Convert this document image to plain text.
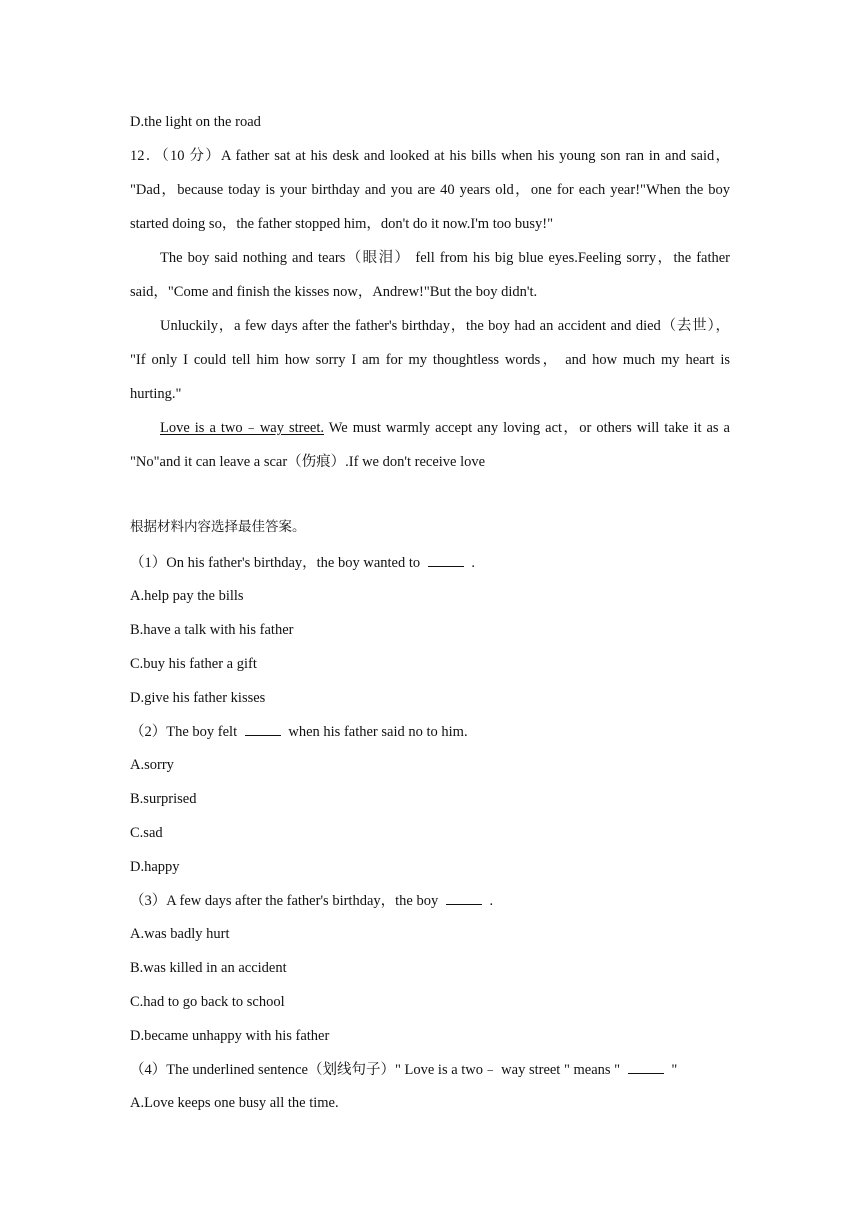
D.the light on the road
12．（10 分）A father sat at his desk and looked at his bills when his young son ran in and said，
"Dad，because today is your birthday and you are 40 years old，one for each year!"When the boy
started doing so，the father stopped him，don't do it now.I'm too busy!"
The boy said nothing and tears（眼泪） fell from his big blue eyes.Feeling sorry，the father
said，"Come and finish the kisses now，Andrew!"But the boy didn't.
Unluckily，a few days after the father's birthday，the boy had an accident and died（去世），
"If only I could tell him how sorry I am for my thoughtless words， and how much my heart is
hurting."
Love is a two﹣way street. We must warmly accept any loving act，or others will take it as a
"No"and it can leave a scar（伤痕）.If we don't receive love
根据材料内容选择最佳答案。
（1）On his father's birthday，the boy wanted to	.
A.help pay the bills
B.have a talk with his father
C.buy his father a gift
D.give his father kisses
（2）The boy felt	when his father said no to him.
A.sorry
B.surprised
C.sad
D.happy
（3）A few days after the father's birthday，the boy	.
A.was badly hurt
B.was killed in an accident
C.had to go back to school
D.became unhappy with his father
（4）The underlined sentence（划线句子）" Love is a two﹣ way street " means "	"
A.Love keeps one busy all the time.
